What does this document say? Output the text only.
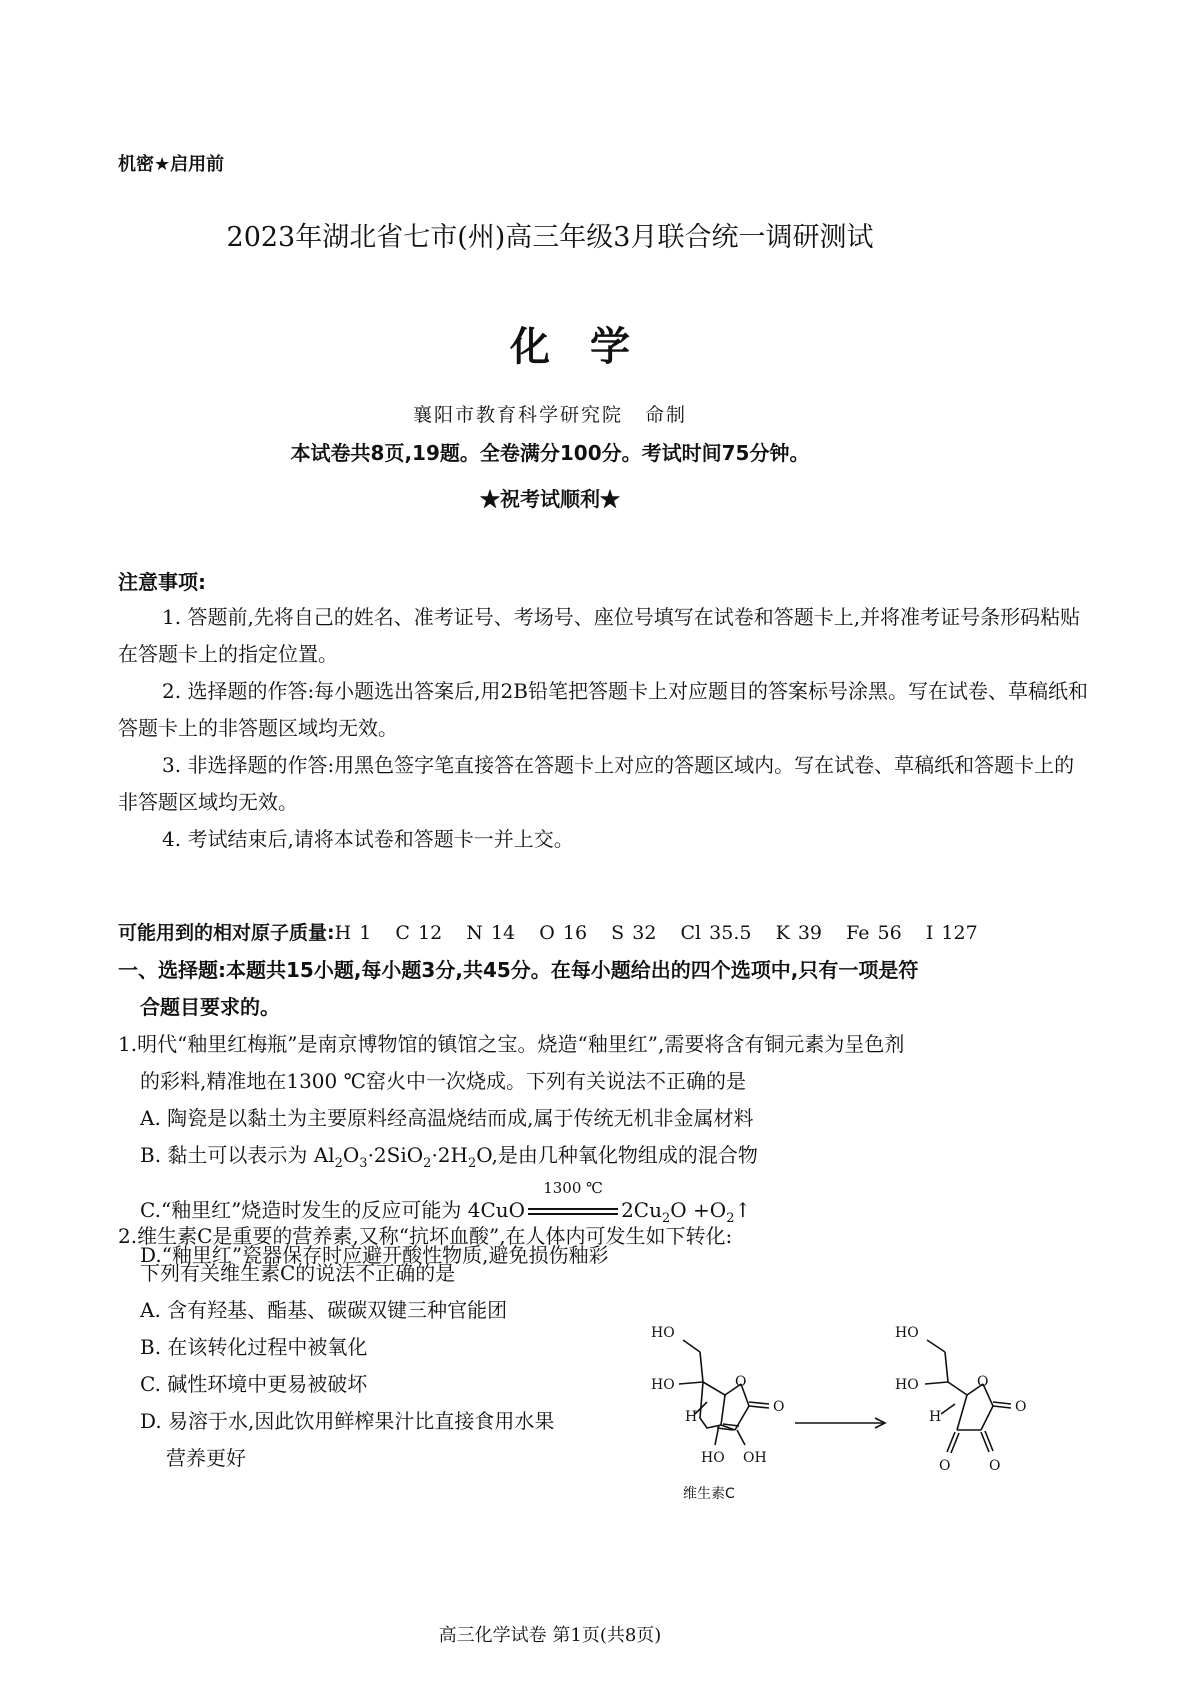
机密★启用前
2023年湖北省七市(州)高三年级3月联合统一调研测试
化学
襄阳市教育科学研究院 命制
本试卷共8页,19题。全卷满分100分。考试时间75分钟。
★祝考试顺利★
注意事项:
1. 答题前,先将自己的姓名、准考证号、考场号、座位号填写在试卷和答题卡上,并将准考证号条形码粘贴在答题卡上的指定位置。
2. 选择题的作答:每小题选出答案后,用2B铅笔把答题卡上对应题目的答案标号涂黑。写在试卷、草稿纸和答题卡上的非答题区域均无效。
3. 非选择题的作答:用黑色签字笔直接答在答题卡上对应的答题区域内。写在试卷、草稿纸和答题卡上的非答题区域均无效。
4. 考试结束后,请将本试卷和答题卡一并上交。
可能用到的相对原子质量:H 1   C 12   N 14   O 16   S 32   Cl 35.5   K 39   Fe 56   I 127
一、选择题:本题共15小题,每小题3分,共45分。在每小题给出的四个选项中,只有一项是符
合题目要求的。
1.明代“釉里红梅瓶”是南京博物馆的镇馆之宝。烧造“釉里红”,需要将含有铜元素为呈色剂
的彩料,精准地在1300 ℃窑火中一次烧成。下列有关说法不正确的是
A. 陶瓷是以黏土为主要原料经高温烧结而成,属于传统无机非金属材料
B. 黏土可以表示为 $Al_2O_3\cdot 2SiO_2\cdot 2H_2O$,是由几种氧化物组成的混合物
C.“釉里红”烧造时发生的反应可能为 4CuO
1300 ℃
$2Cu_2O$ $+O_2↑$
D.“釉里红”瓷器保存时应避开酸性物质,避免损伤釉彩
2.维生素C是重要的营养素,又称“抗坏血酸”,在人体内可发生如下转化:
下列有关维生素C的说法不正确的是
A. 含有羟基、酯基、碳碳双键三种官能团
B. 在该转化过程中被氧化
C. 碱性环境中更易被破坏
D. 易溶于水,因此饮用鲜榨果汁比直接食用水果
营养更好
HO
HO
H
O
O
HO OH
维生素C
HO
HO
H
O
O
O	O
高三化学试卷 第1页(共8页)
